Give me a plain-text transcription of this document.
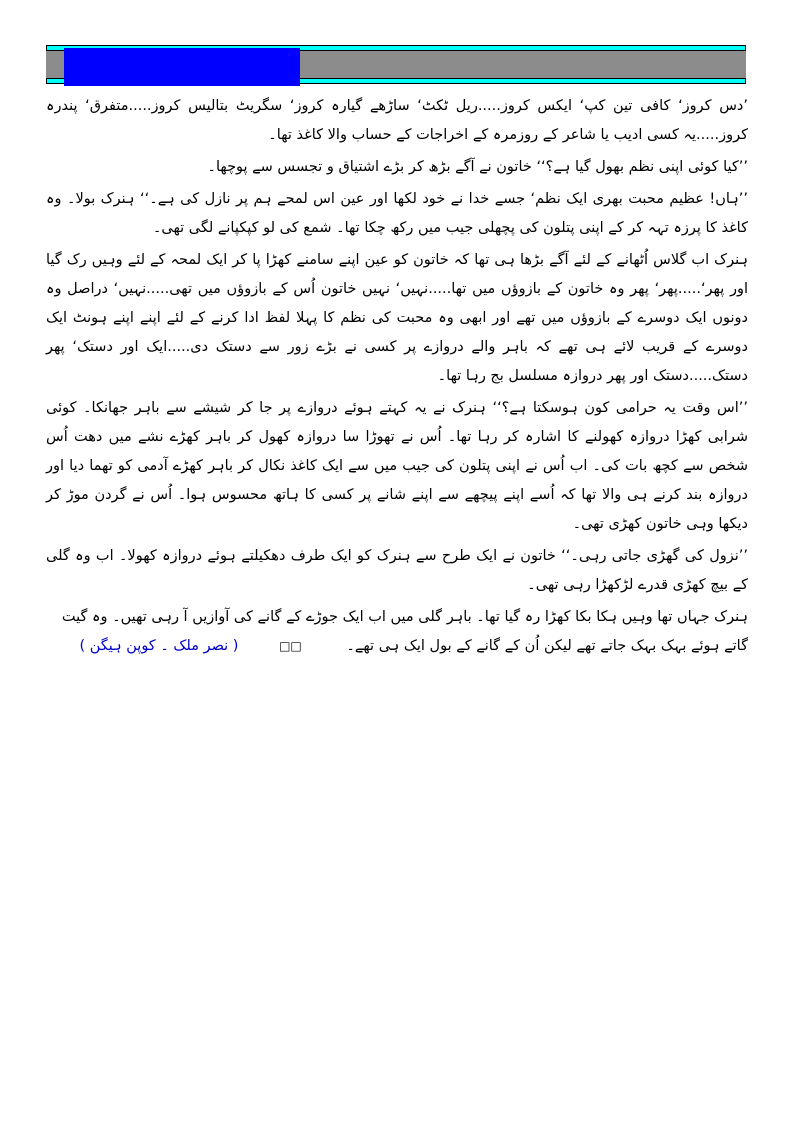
’دس کروز‘ کافی تین کپ‘ ایکس کروز.....ریل ٹکٹ‘ ساڑھے گیارہ کروز‘ سگریٹ بتالیس کروز.....متفرق‘ پندرہ کروز.....یہ کسی ادیب یا شاعر کے روزمرہ کے اخراجات کے حساب والا کاغذ تھا۔

’’کیا کوئی اپنی نظم بھول گیا ہے؟‘‘ خاتون نے آگے بڑھ کر بڑے اشتیاق و تجسس سے پوچھا۔

’’ہاں! عظیم محبت بھری ایک نظم‘ جسے خدا نے خود لکھا اور عین اس لمحے ہم پر نازل کی ہے۔‘‘ ہنرک بولا۔ وہ کاغذ کا پرزہ تہہ کر کے اپنی پتلون کی پچھلی جیب میں رکھ چکا تھا۔ شمع کی لو کپکپانے لگی تھی۔

ہنرک اب گلاس اُٹھانے کے لئے آگے بڑھا ہی تھا کہ خاتون کو عین اپنے سامنے کھڑا پا کر ایک لمحہ کے لئے وہیں رک گیا اور پھر‘.....پھر‘ پھر وہ خاتون کے بازوؤں میں تھا.....نہیں‘ نہیں خاتون اُس کے بازوؤں میں تھی.....نہیں‘ دراصل وہ دونوں ایک دوسرے کے بازوؤں میں تھے اور ابھی وہ محبت کی نظم کا پہلا لفظ ادا کرنے کے لئے اپنے اپنے ہونٹ ایک دوسرے کے قریب لائے ہی تھے کہ باہر والے دروازے پر کسی نے بڑے زور سے دستک دی.....ایک اور دستک‘ پھر دستک.....دستک اور پھر دروازہ مسلسل بج رہا تھا۔

’’اس وقت یہ حرامی کون ہوسکتا ہے؟‘‘ ہنرک نے یہ کہتے ہوئے دروازے پر جا کر شیشے سے باہر جھانکا۔ کوئی شرابی کھڑا دروازہ کھولنے کا اشارہ کر رہا تھا۔ اُس نے تھوڑا سا دروازہ کھول کر باہر کھڑے نشے میں دھت اُس شخص سے کچھ بات کی۔ اب اُس نے اپنی پتلون کی جیب میں سے ایک کاغذ نکال کر باہر کھڑے آدمی کو تھما دیا اور دروازہ بند کرنے ہی والا تھا کہ اُسے اپنے پیچھے سے اپنے شانے پر کسی کا ہاتھ محسوس ہوا۔ اُس نے گردن موڑ کر دیکھا وہی خاتون کھڑی تھی۔

’’نزول کی گھڑی جاتی رہی۔‘‘ خاتون نے ایک طرح سے ہنرک کو ایک طرف دھکیلتے ہوئے دروازہ کھولا۔ اب وہ گلی کے بیچ کھڑی قدرے لڑکھڑا رہی تھی۔

ہنرک جہاں تھا وہیں ہکا بکا کھڑا رہ گیا تھا۔ باہر گلی میں اب ایک جوڑے کے گانے کی آوازیں آ رہی تھیں۔ وہ گیت گاتے ہوئے بہک بہک جاتے تھے لیکن اُن کے گانے کے بول ایک ہی تھے۔ □□ ( نصر ملک ۔ کوپن ہیگن )
